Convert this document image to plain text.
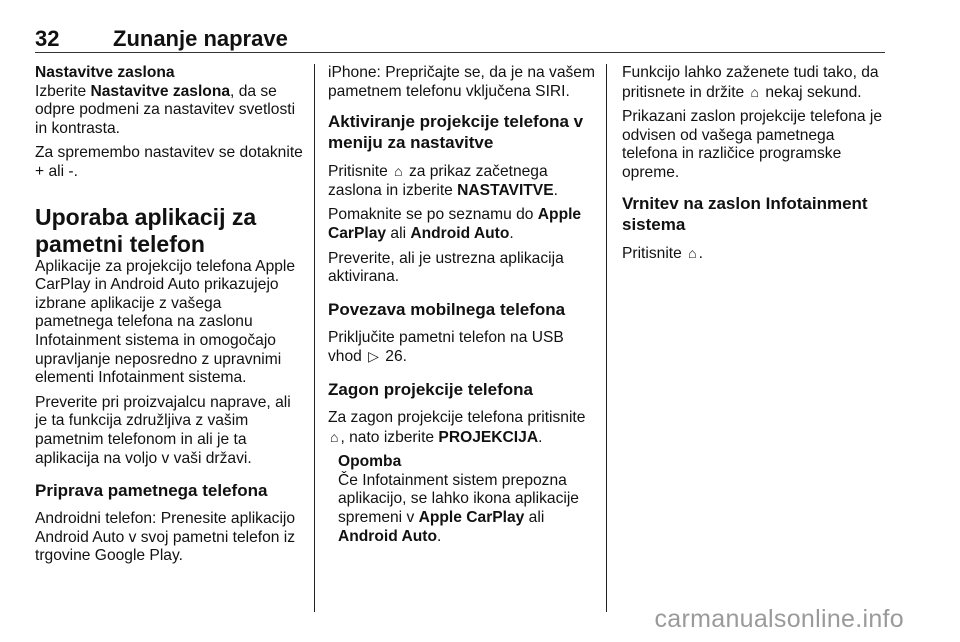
32 Zunanje naprave

Nastavitve zaslona

Izberite Nastavitve zaslona, da se odpre podmeni za nastavitev svetlosti in kontrasta.

Za spremembo nastavitev se dotaknite + ali -.

Uporaba aplikacij za pametni telefon

Aplikacije za projekcijo telefona Apple CarPlay in Android Auto prikazujejo izbrane aplikacije z vašega pametnega telefona na zaslonu Infotainment sistema in omogočajo upravljanje neposredno z upravnimi elementi Infotainment sistema.

Preverite pri proizvajalcu naprave, ali je ta funkcija združljiva z vašim pametnim telefonom in ali je ta aplikacija na voljo v vaši državi.

Priprava pametnega telefona

Androidni telefon: Prenesite aplikacijo Android Auto v svoj pametni telefon iz trgovine Google Play.

iPhone: Prepričajte se, da je na vašem pametnem telefonu vključena SIRI.

Aktiviranje projekcije telefona v meniju za nastavitve

Pritisnite ⌂ za prikaz začetnega zaslona in izberite NASTAVITVE.

Pomaknite se po seznamu do Apple CarPlay ali Android Auto.

Preverite, ali je ustrezna aplikacija aktivirana.

Povezava mobilnega telefona

Priključite pametni telefon na USB vhod ▷ 26.

Zagon projekcije telefona

Za zagon projekcije telefona pritisnite ⌂ , nato izberite PROJEKCIJA.

Opomba
Če Infotainment sistem prepozna aplikacijo, se lahko ikona aplikacije spremeni v Apple CarPlay ali Android Auto.

Funkcijo lahko zaženete tudi tako, da pritisnete in držite ⌂ nekaj sekund.

Prikazani zaslon projekcije telefona je odvisen od vašega pametnega telefona in različice programske opreme.

Vrnitev na zaslon Infotainment sistema

Pritisnite ⌂ .

carmanualsonline.info
